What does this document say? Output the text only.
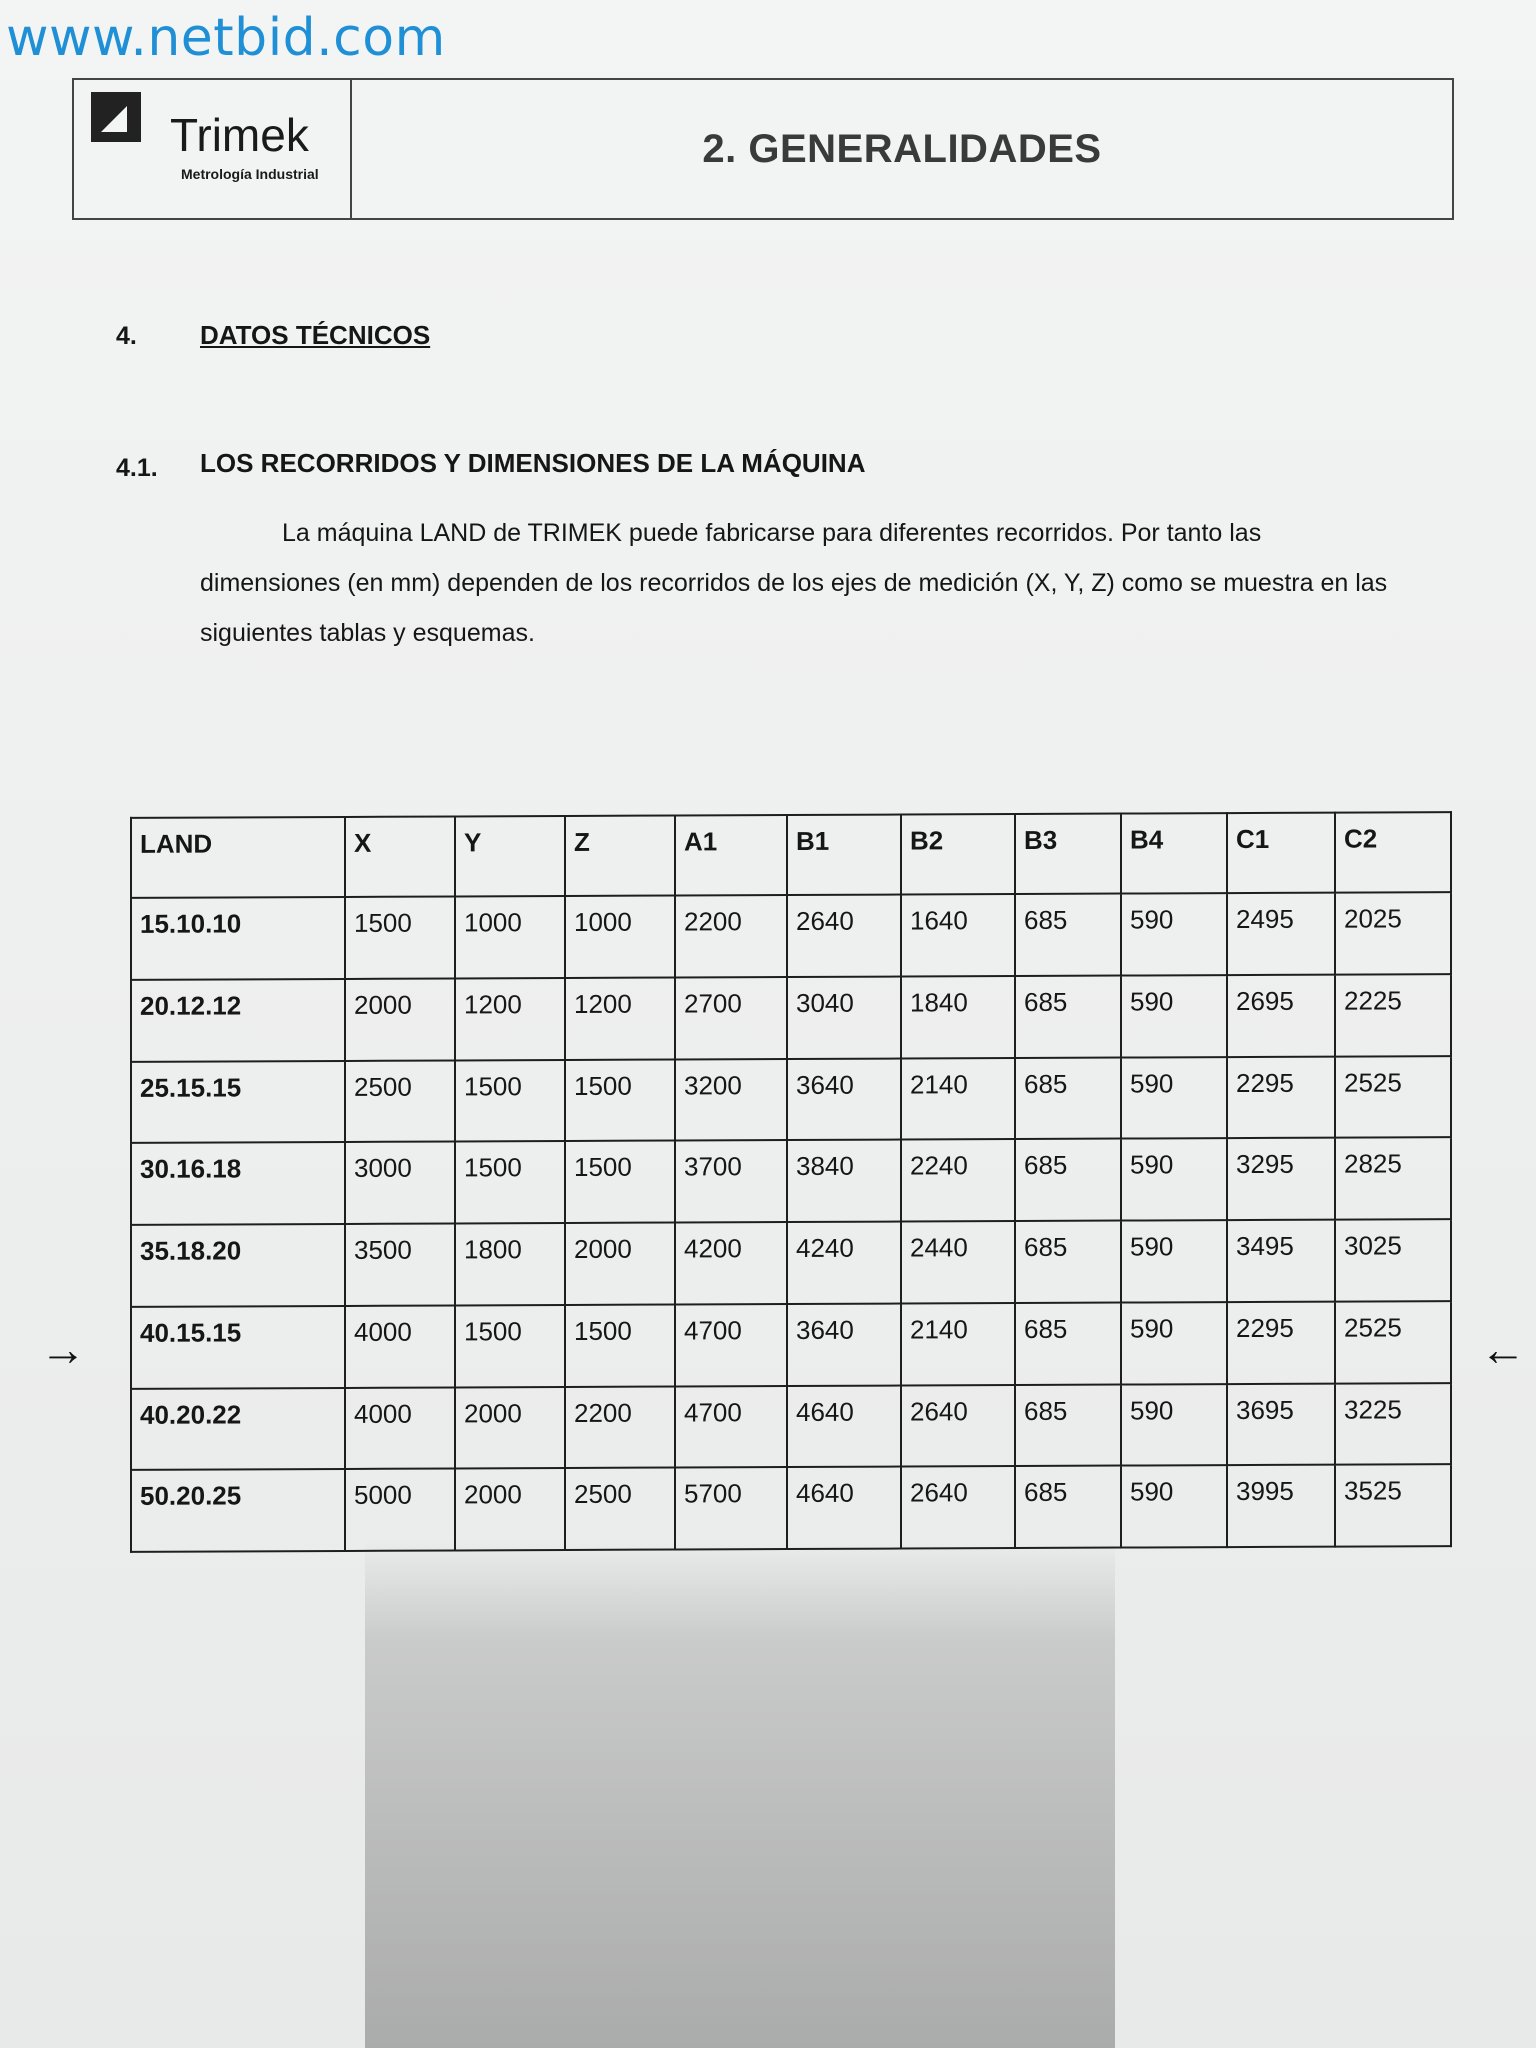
www.netbid.com
Trimek
Metrología Industrial
2. GENERALIDADES
4. DATOS TÉCNICOS
4.1. LOS RECORRIDOS Y DIMENSIONES DE LA MÁQUINA
La máquina LAND de TRIMEK puede fabricarse para diferentes recorridos. Por tanto las dimensiones (en mm) dependen de los recorridos de los ejes de medición (X, Y, Z) como se muestra en las siguientes tablas y esquemas.
LAND	X	Y	Z	A1	B1	B2	B3	B4	C1	C2
15.10.10	1500	1000	1000	2200	2640	1640	685	590	2495	2025
20.12.12	2000	1200	1200	2700	3040	1840	685	590	2695	2225
25.15.15	2500	1500	1500	3200	3640	2140	685	590	2295	2525
30.16.18	3000	1500	1500	3700	3840	2240	685	590	3295	2825
35.18.20	3500	1800	2000	4200	4240	2440	685	590	3495	3025
40.15.15	4000	1500	1500	4700	3640	2140	685	590	2295	2525
40.20.22	4000	2000	2200	4700	4640	2640	685	590	3695	3225
50.20.25	5000	2000	2500	5700	4640	2640	685	590	3995	3525
→	←
